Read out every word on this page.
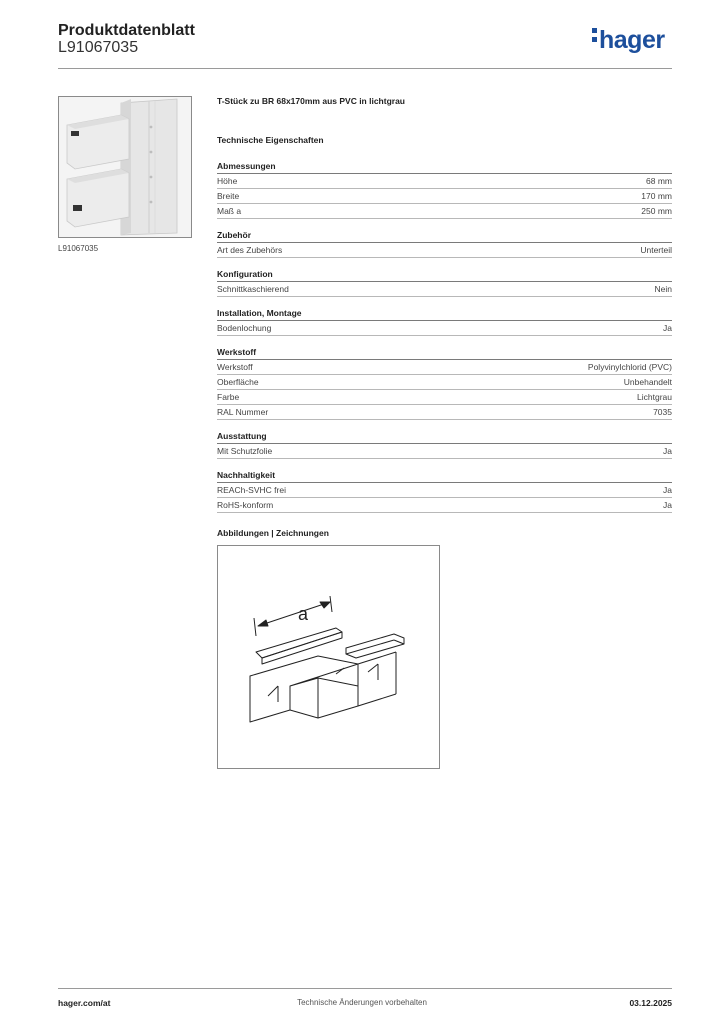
Produktdatenblatt
L91067035	hager
L91067035
T-Stück zu BR 68x170mm aus PVC in lichtgrau
Technische Eigenschaften
Abmessungen
Höhe	68 mm
Breite	170 mm
Maß a	250 mm
Zubehör
Art des Zubehörs	Unterteil
Konfiguration
Schnittkaschierend	Nein
Installation, Montage
Bodenlochung	Ja
Werkstoff
Werkstoff	Polyvinylchlorid (PVC)
Oberfläche	Unbehandelt
Farbe	Lichtgrau
RAL Nummer	7035
Ausstattung
Mit Schutzfolie	Ja
Nachhaltigkeit
REACh-SVHC frei	Ja
RoHS-konform	Ja
Abbildungen | Zeichnungen
a
hager.com/at	Technische Änderungen vorbehalten	03.12.2025
